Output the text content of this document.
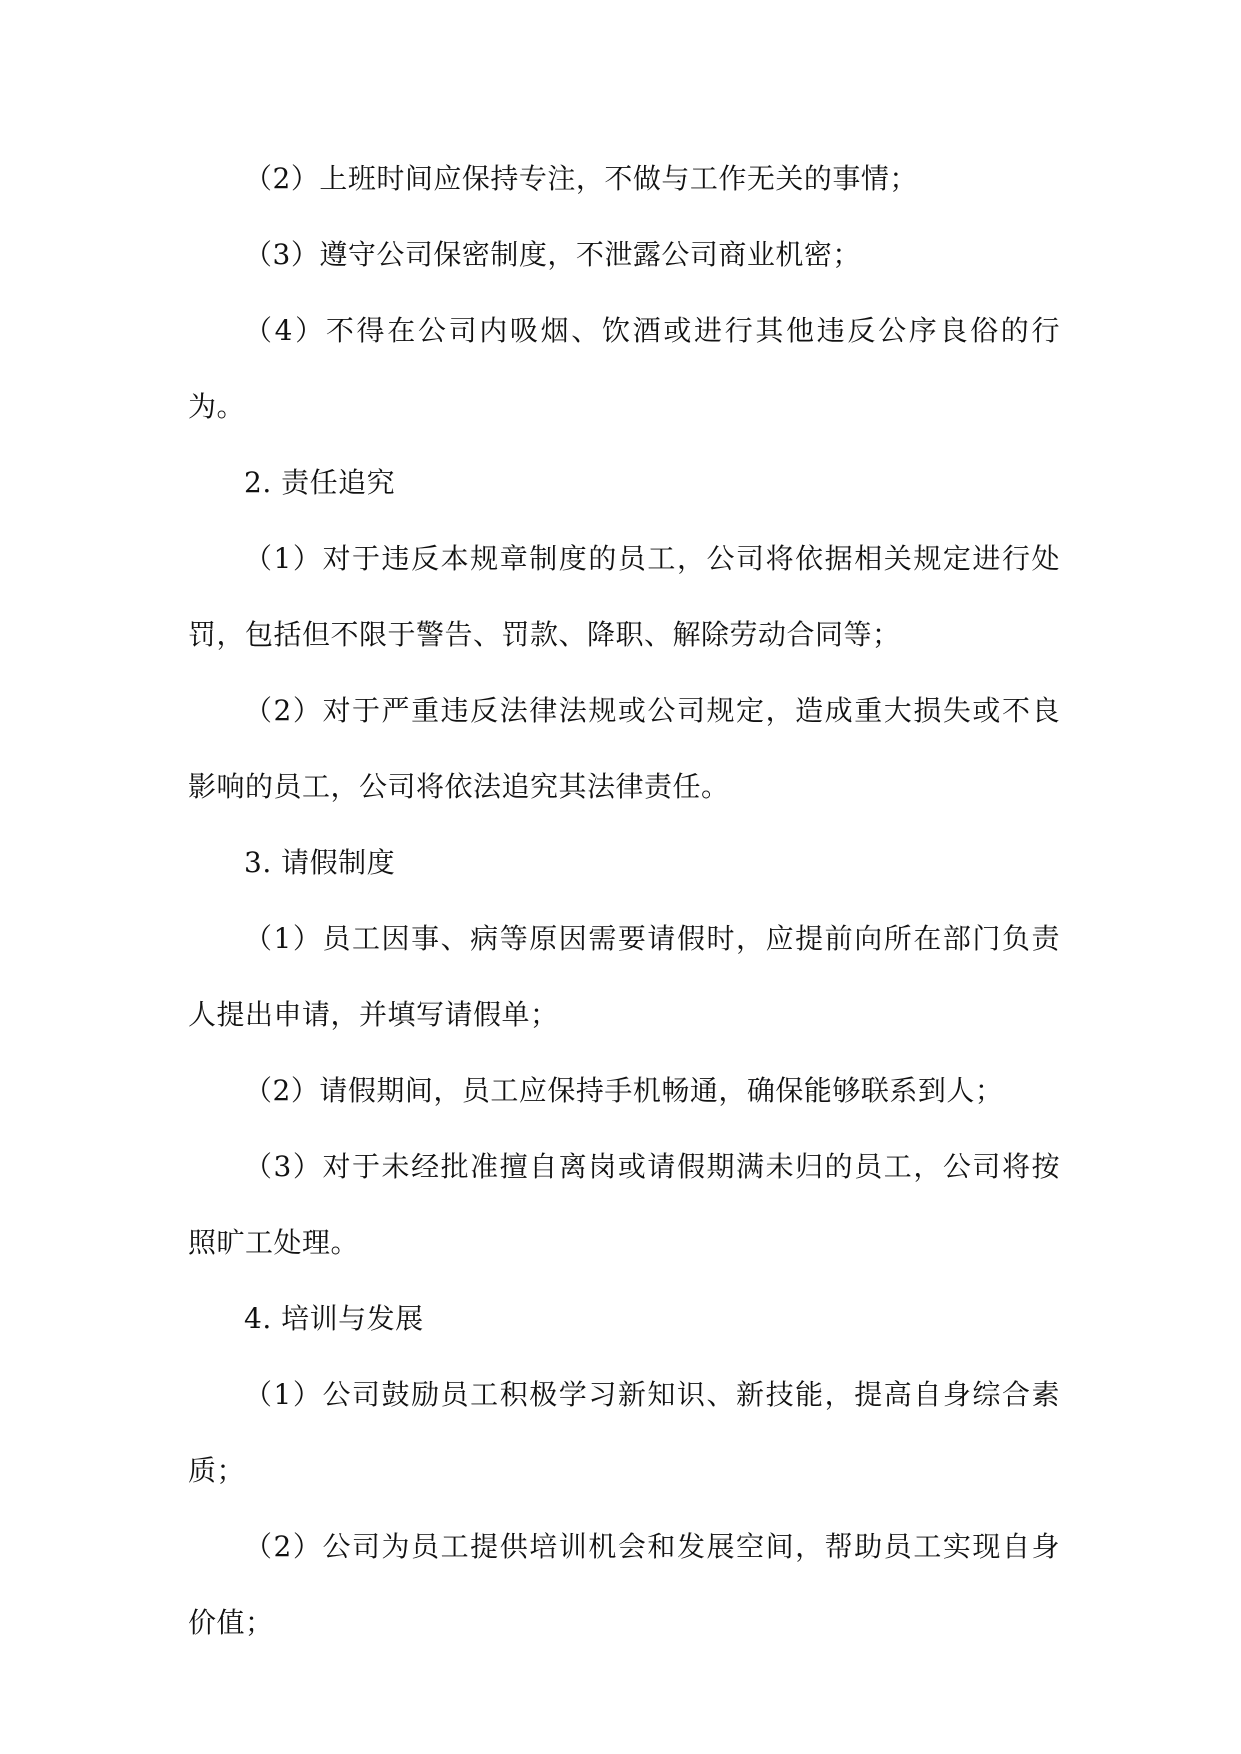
（2）上班时间应保持专注，不做与工作无关的事情；

（3）遵守公司保密制度，不泄露公司商业机密；

（4）不得在公司内吸烟、饮酒或进行其他违反公序良俗的行为。

2. 责任追究

（1）对于违反本规章制度的员工，公司将依据相关规定进行处罚，包括但不限于警告、罚款、降职、解除劳动合同等；

（2）对于严重违反法律法规或公司规定，造成重大损失或不良影响的员工，公司将依法追究其法律责任。

3. 请假制度

（1）员工因事、病等原因需要请假时，应提前向所在部门负责人提出申请，并填写请假单；

（2）请假期间，员工应保持手机畅通，确保能够联系到人；

（3）对于未经批准擅自离岗或请假期满未归的员工，公司将按照旷工处理。

4. 培训与发展

（1）公司鼓励员工积极学习新知识、新技能，提高自身综合素质；

（2）公司为员工提供培训机会和发展空间，帮助员工实现自身价值；
